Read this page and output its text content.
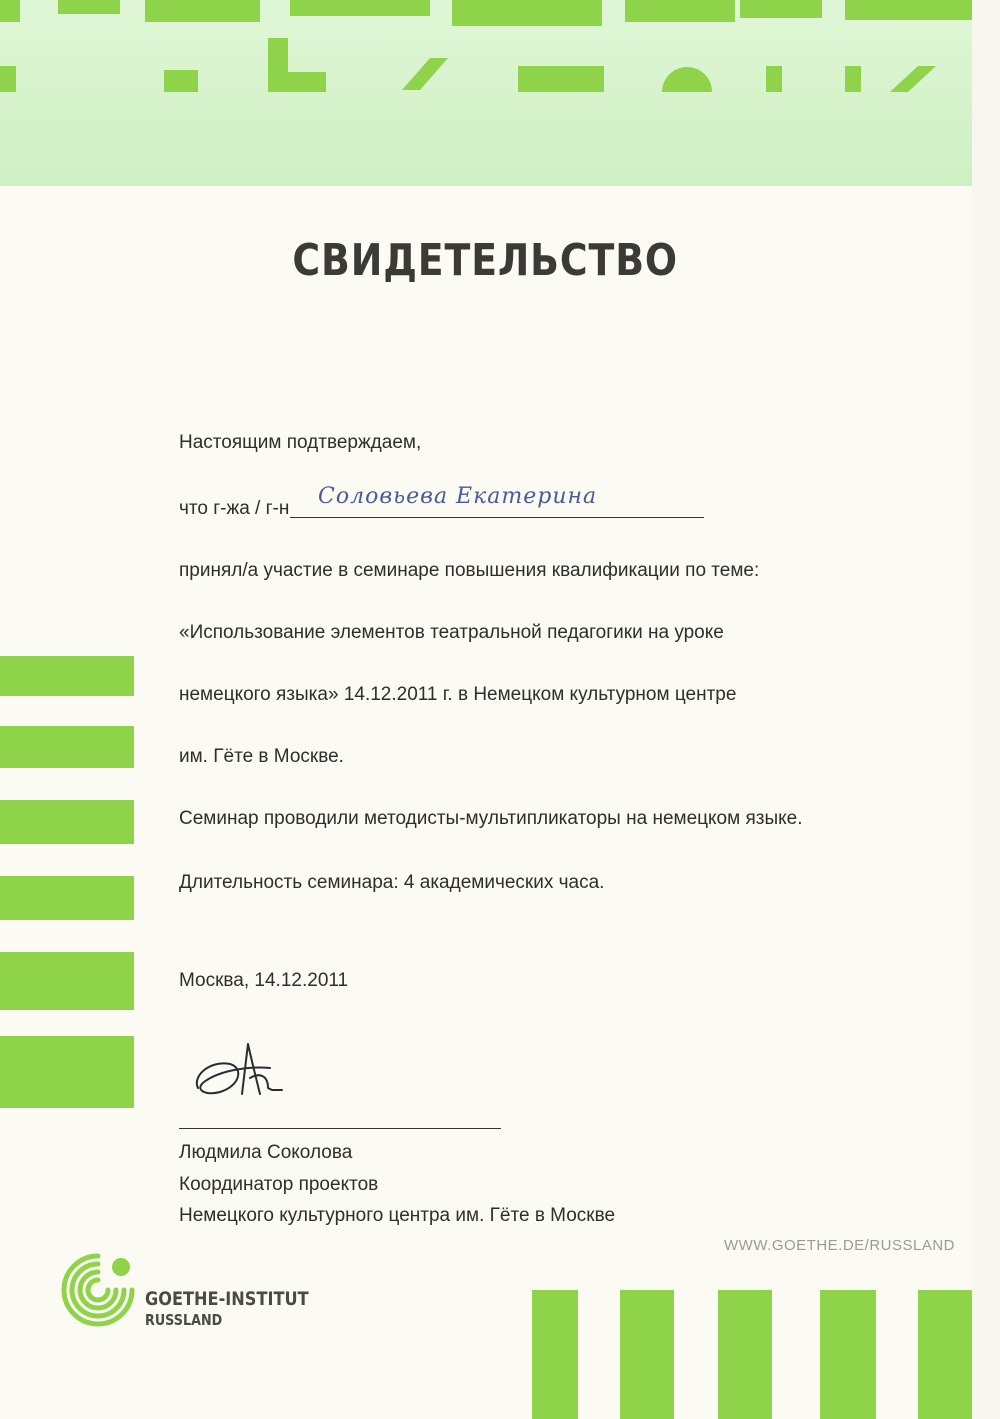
СВИДЕТЕЛЬСТВО
Настоящим подтверждаем,
что г-жа / г-н Соловьева Екатерина
принял/а участие в семинаре повышения квалификации по теме:
«Использование элементов театральной педагогики на уроке
немецкого языка» 14.12.2011 г. в Немецком культурном центре
им. Гёте в Москве.
Семинар проводили методисты-мультипликаторы на немецком языке.
Длительность семинара: 4 академических часа.
Москва, 14.12.2011
Людмила Соколова
Координатор проектов
Немецкого культурного центра им. Гёте в Москве
WWW.GOETHE.DE/RUSSLAND
GOETHE-INSTITUT
RUSSLAND
